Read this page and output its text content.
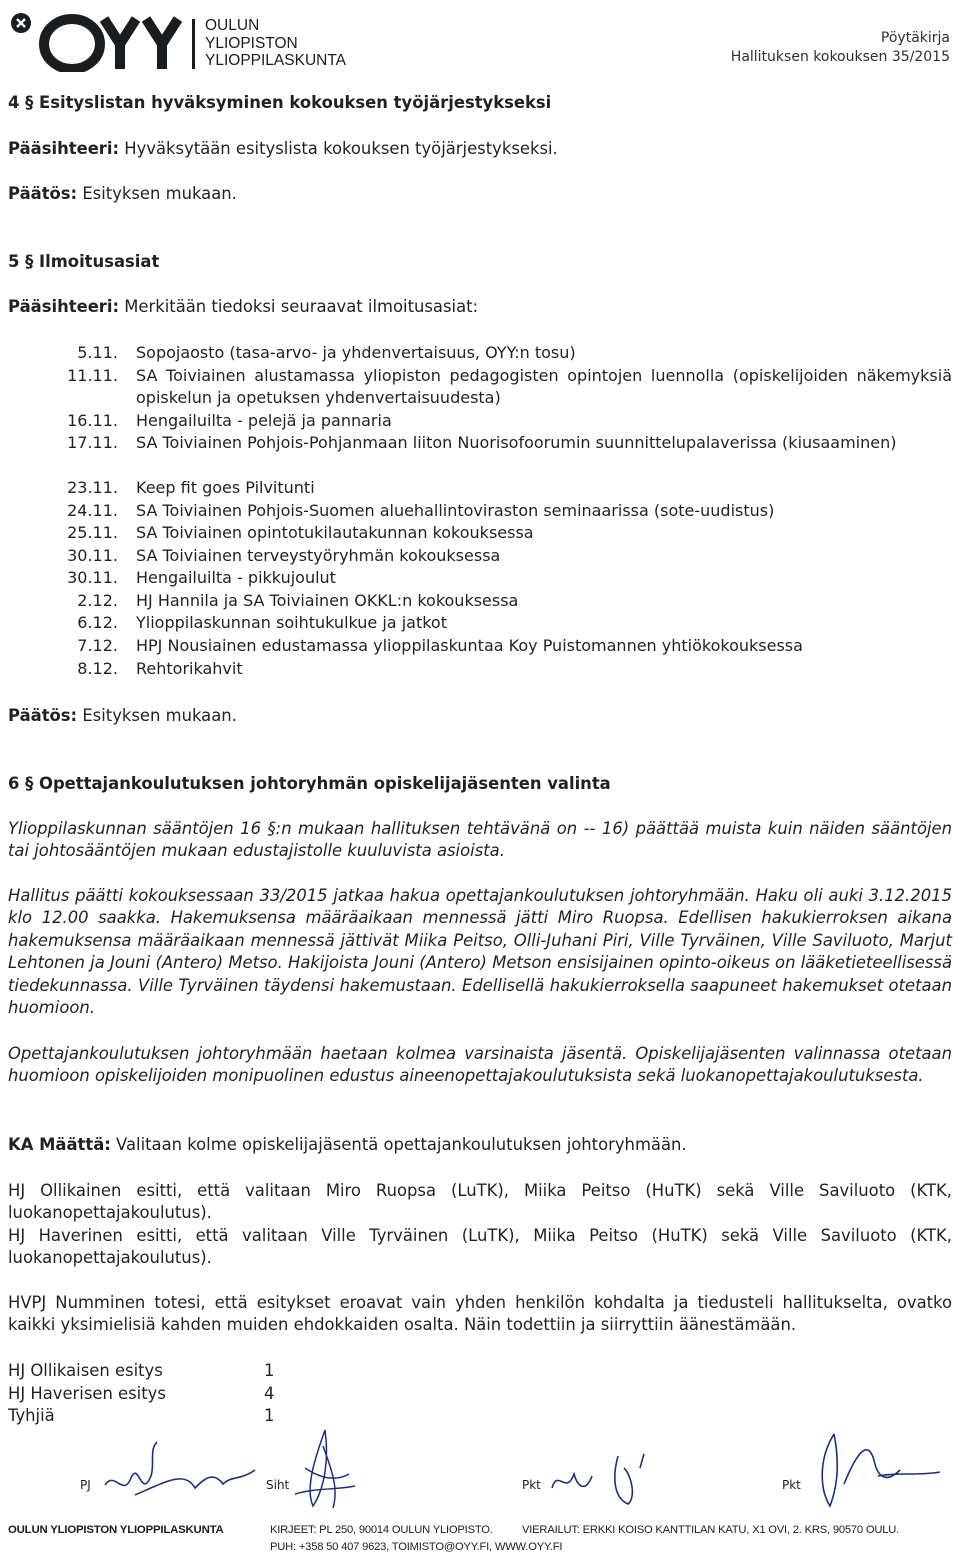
OULUN
YLIOPISTON
YLIOPPILASKUNTA
Pöytäkirja
Hallituksen kokouksen 35/2015
4 § Esityslistan hyväksyminen kokouksen työjärjestykseksi
Pääsihteeri: Hyväksytään esityslista kokouksen työjärjestykseksi.
Päätös: Esityksen mukaan.
5 § Ilmoitusasiat
Pääsihteeri: Merkitään tiedoksi seuraavat ilmoitusasiat:
5.11. Sopojaosto (tasa-arvo- ja yhdenvertaisuus, OYY:n tosu)
11.11. SA Toiviainen alustamassa yliopiston pedagogisten opintojen luennolla (opiskelijoiden näkemyksiä opiskelun ja opetuksen yhdenvertaisuudesta)
16.11. Hengailuilta - pelejä ja pannaria
17.11. SA Toiviainen Pohjois-Pohjanmaan liiton Nuorisofoorumin suunnittelupalaverissa (kiusaaminen)
23.11. Keep fit goes Pilvitunti
24.11. SA Toiviainen Pohjois-Suomen aluehallintoviraston seminaarissa (sote-uudistus)
25.11. SA Toiviainen opintotukilautakunnan kokouksessa
30.11. SA Toiviainen terveystyöryhmän kokouksessa
30.11. Hengailuilta - pikkujoulut
2.12. HJ Hannila ja SA Toiviainen OKKL:n kokouksessa
6.12. Ylioppilaskunnan soihtukulkue ja jatkot
7.12. HPJ Nousiainen edustamassa ylioppilaskuntaa Koy Puistomannen yhtiökokouksessa
8.12. Rehtorikahvit
Päätös: Esityksen mukaan.
6 § Opettajankoulutuksen johtoryhmän opiskelijajäsenten valinta
Ylioppilaskunnan sääntöjen 16 §:n mukaan hallituksen tehtävänä on -- 16) päättää muista kuin näiden sääntöjen tai johtosääntöjen mukaan edustajistolle kuuluvista asioista.
Hallitus päätti kokouksessaan 33/2015 jatkaa hakua opettajankoulutuksen johtoryhmään. Haku oli auki 3.12.2015 klo 12.00 saakka. Hakemuksensa määräaikaan mennessä jätti Miro Ruopsa. Edellisen hakukierroksen aikana hakemuksensa määräaikaan mennessä jättivät Miika Peitso, Olli-Juhani Piri, Ville Tyrväinen, Ville Saviluoto, Marjut Lehtonen ja Jouni (Antero) Metso. Hakijoista Jouni (Antero) Metson ensisijainen opinto-oikeus on lääketieteellisessä tiedekunnassa. Ville Tyrväinen täydensi hakemustaan. Edellisellä hakukierroksella saapuneet hakemukset otetaan huomioon.
Opettajankoulutuksen johtoryhmään haetaan kolmea varsinaista jäsentä. Opiskelijajäsenten valinnassa otetaan huomioon opiskelijoiden monipuolinen edustus aineenopettajakoulutuksista sekä luokanopettajakoulutuksesta.
KA Määttä: Valitaan kolme opiskelijajäsentä opettajankoulutuksen johtoryhmään.
HJ Ollikainen esitti, että valitaan Miro Ruopsa (LuTK), Miika Peitso (HuTK) sekä Ville Saviluoto (KTK, luokanopettajakoulutus).
HJ Haverinen esitti, että valitaan Ville Tyrväinen (LuTK), Miika Peitso (HuTK) sekä Ville Saviluoto (KTK, luokanopettajakoulutus).
HVPJ Numminen totesi, että esitykset eroavat vain yhden henkilön kohdalta ja tiedusteli hallitukselta, ovatko kaikki yksimielisiä kahden muiden ehdokkaiden osalta. Näin todettiin ja siirryttiin äänestämään.
HJ Ollikaisen esitys	1
HJ Haverisen esitys	4
Tyhjiä	1
PJ	Siht	Pkt	Pkt
OULUN YLIOPISTON YLIOPPILASKUNTA	KIRJEET: PL 250, 90014 OULUN YLIOPISTO.	VIERAILUT: ERKKI KOISO KANTTILAN KATU, X1 OVI, 2. KRS, 90570 OULU.
PUH: +358 50 407 9623, TOIMISTO@OYY.FI, WWW.OYY.FI
